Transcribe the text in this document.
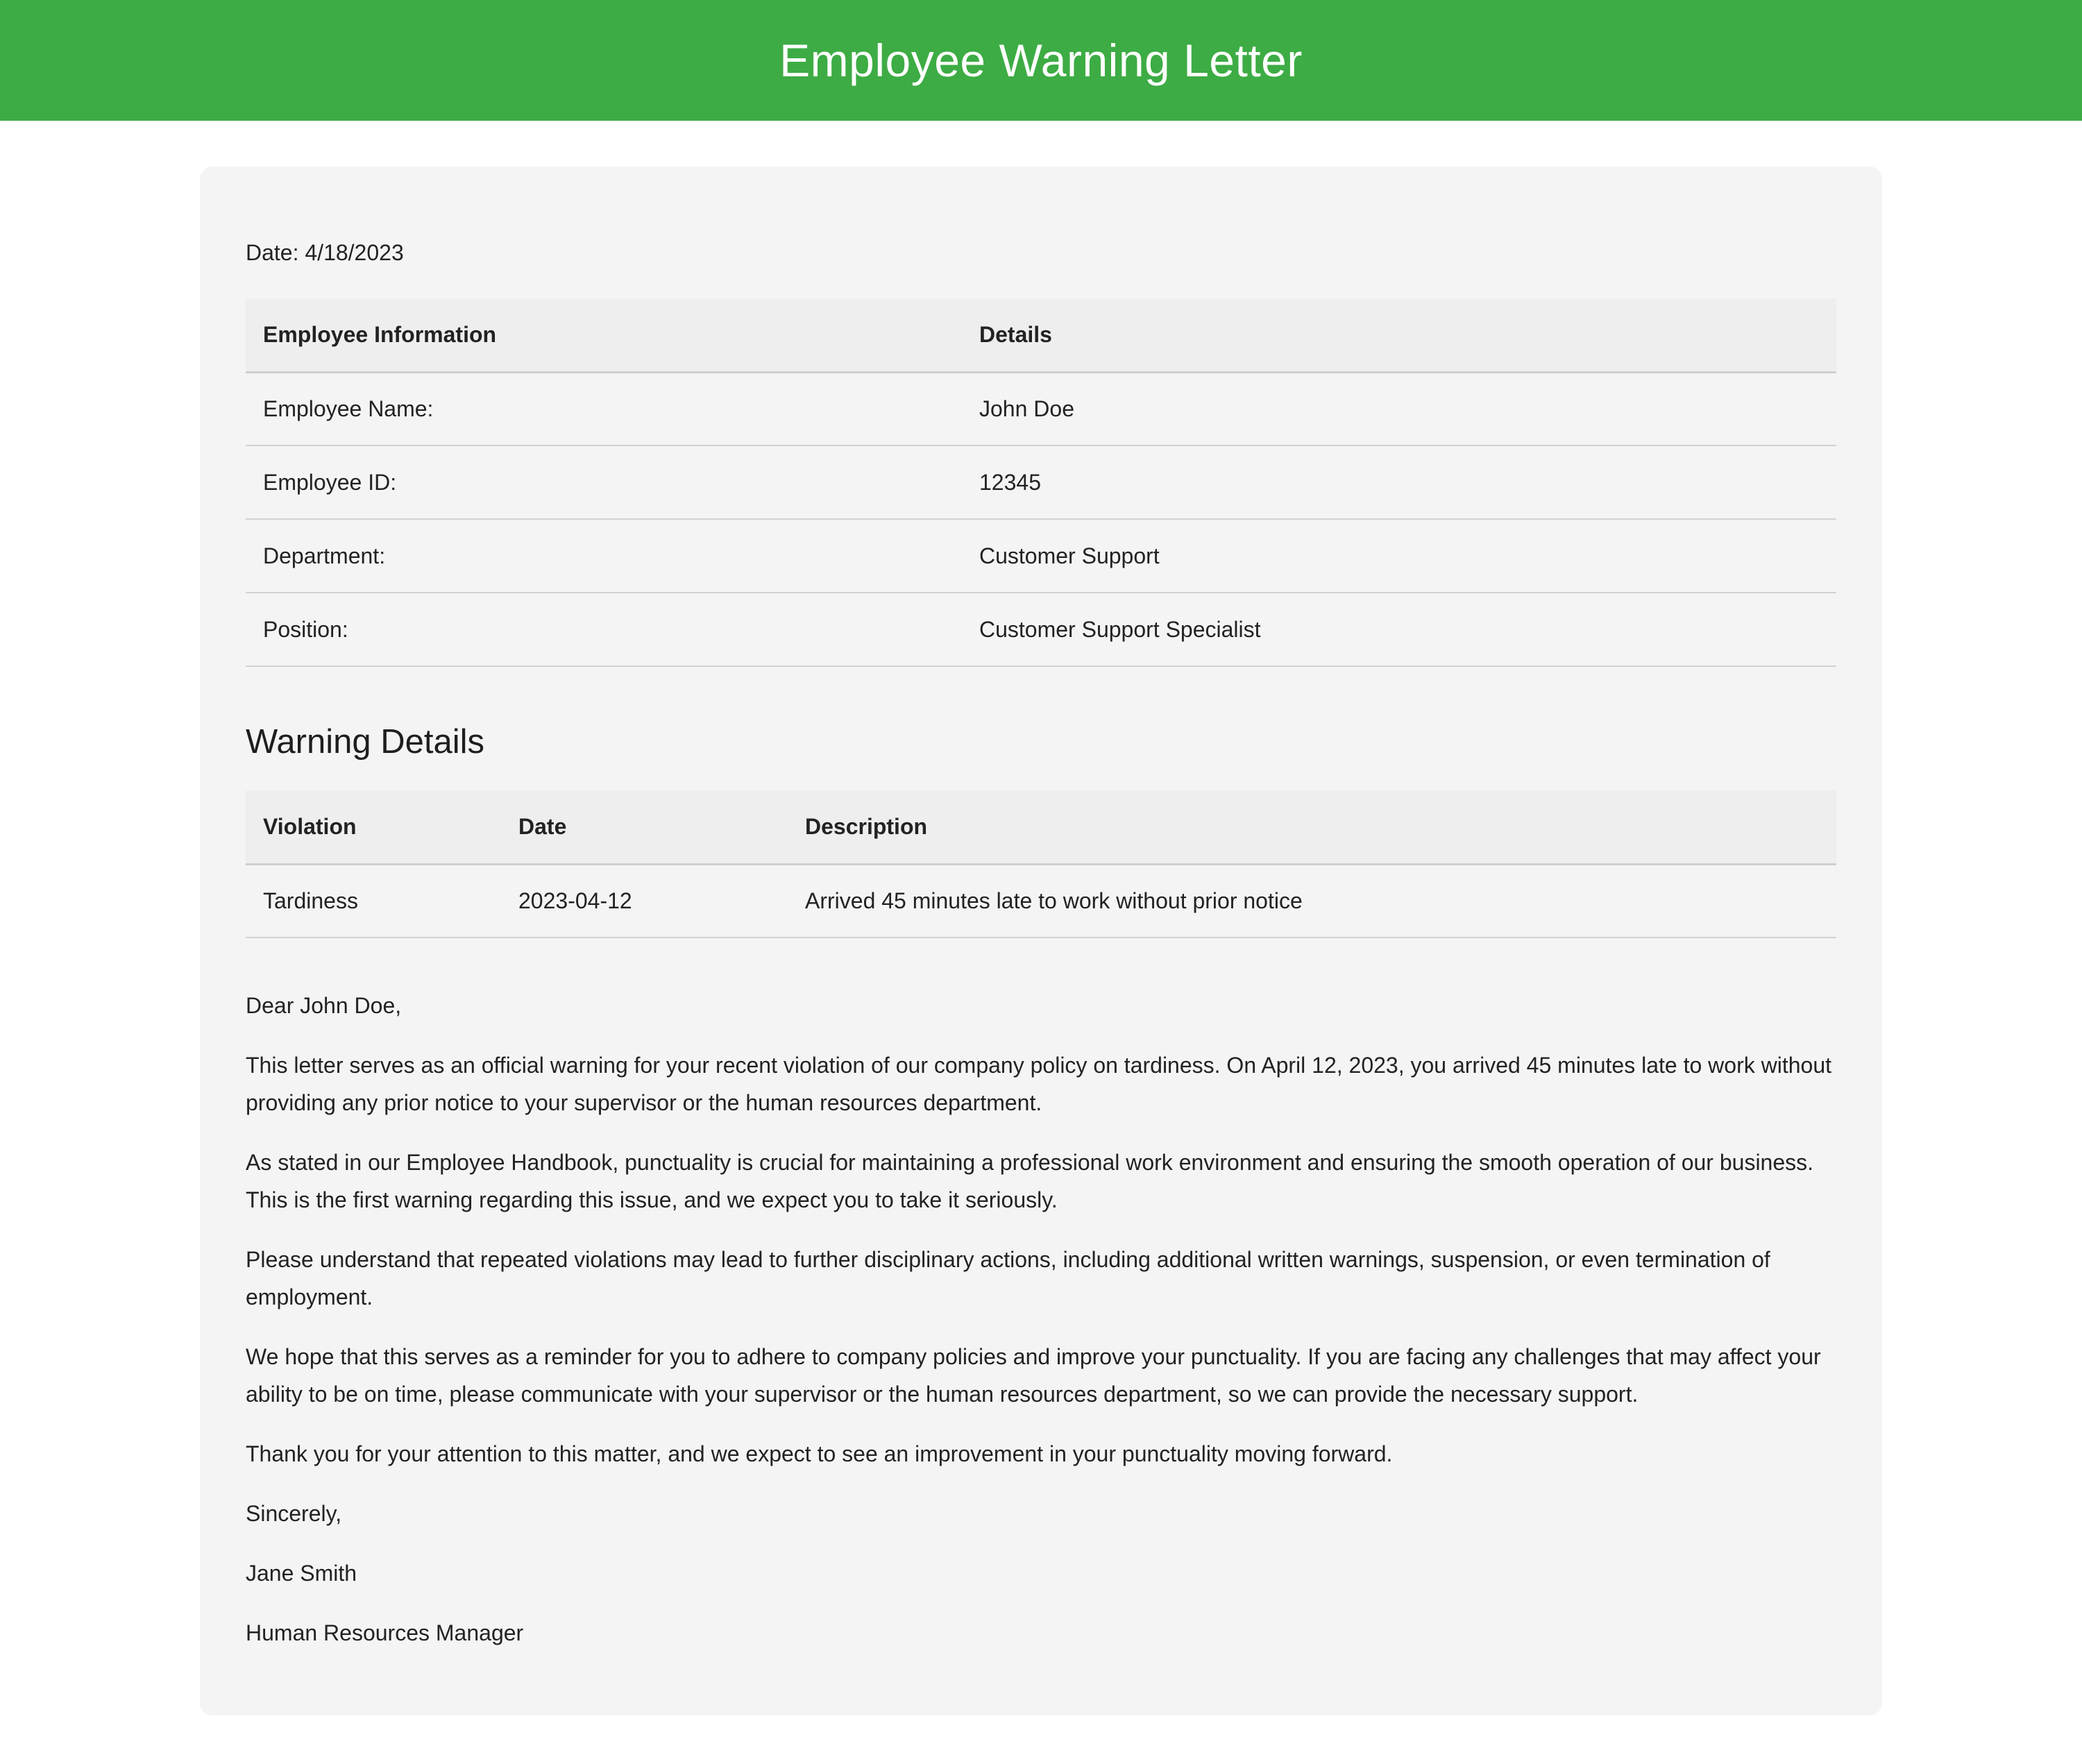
Employee Warning Letter
Date: 4/18/2023
Employee Information	Details
Employee Name:	John Doe
Employee ID:	12345
Department:	Customer Support
Position:	Customer Support Specialist
Warning Details
Violation	Date	Description
Tardiness	2023-04-12	Arrived 45 minutes late to work without prior notice

Dear John Doe,

This letter serves as an official warning for your recent violation of our company policy on tardiness. On April 12, 2023, you arrived 45 minutes late to work without providing any prior notice to your supervisor or the human resources department.

As stated in our Employee Handbook, punctuality is crucial for maintaining a professional work environment and ensuring the smooth operation of our business. This is the first warning regarding this issue, and we expect you to take it seriously.

Please understand that repeated violations may lead to further disciplinary actions, including additional written warnings, suspension, or even termination of employment.

We hope that this serves as a reminder for you to adhere to company policies and improve your punctuality. If you are facing any challenges that may affect your ability to be on time, please communicate with your supervisor or the human resources department, so we can provide the necessary support.

Thank you for your attention to this matter, and we expect to see an improvement in your punctuality moving forward.

Sincerely,

Jane Smith

Human Resources Manager
